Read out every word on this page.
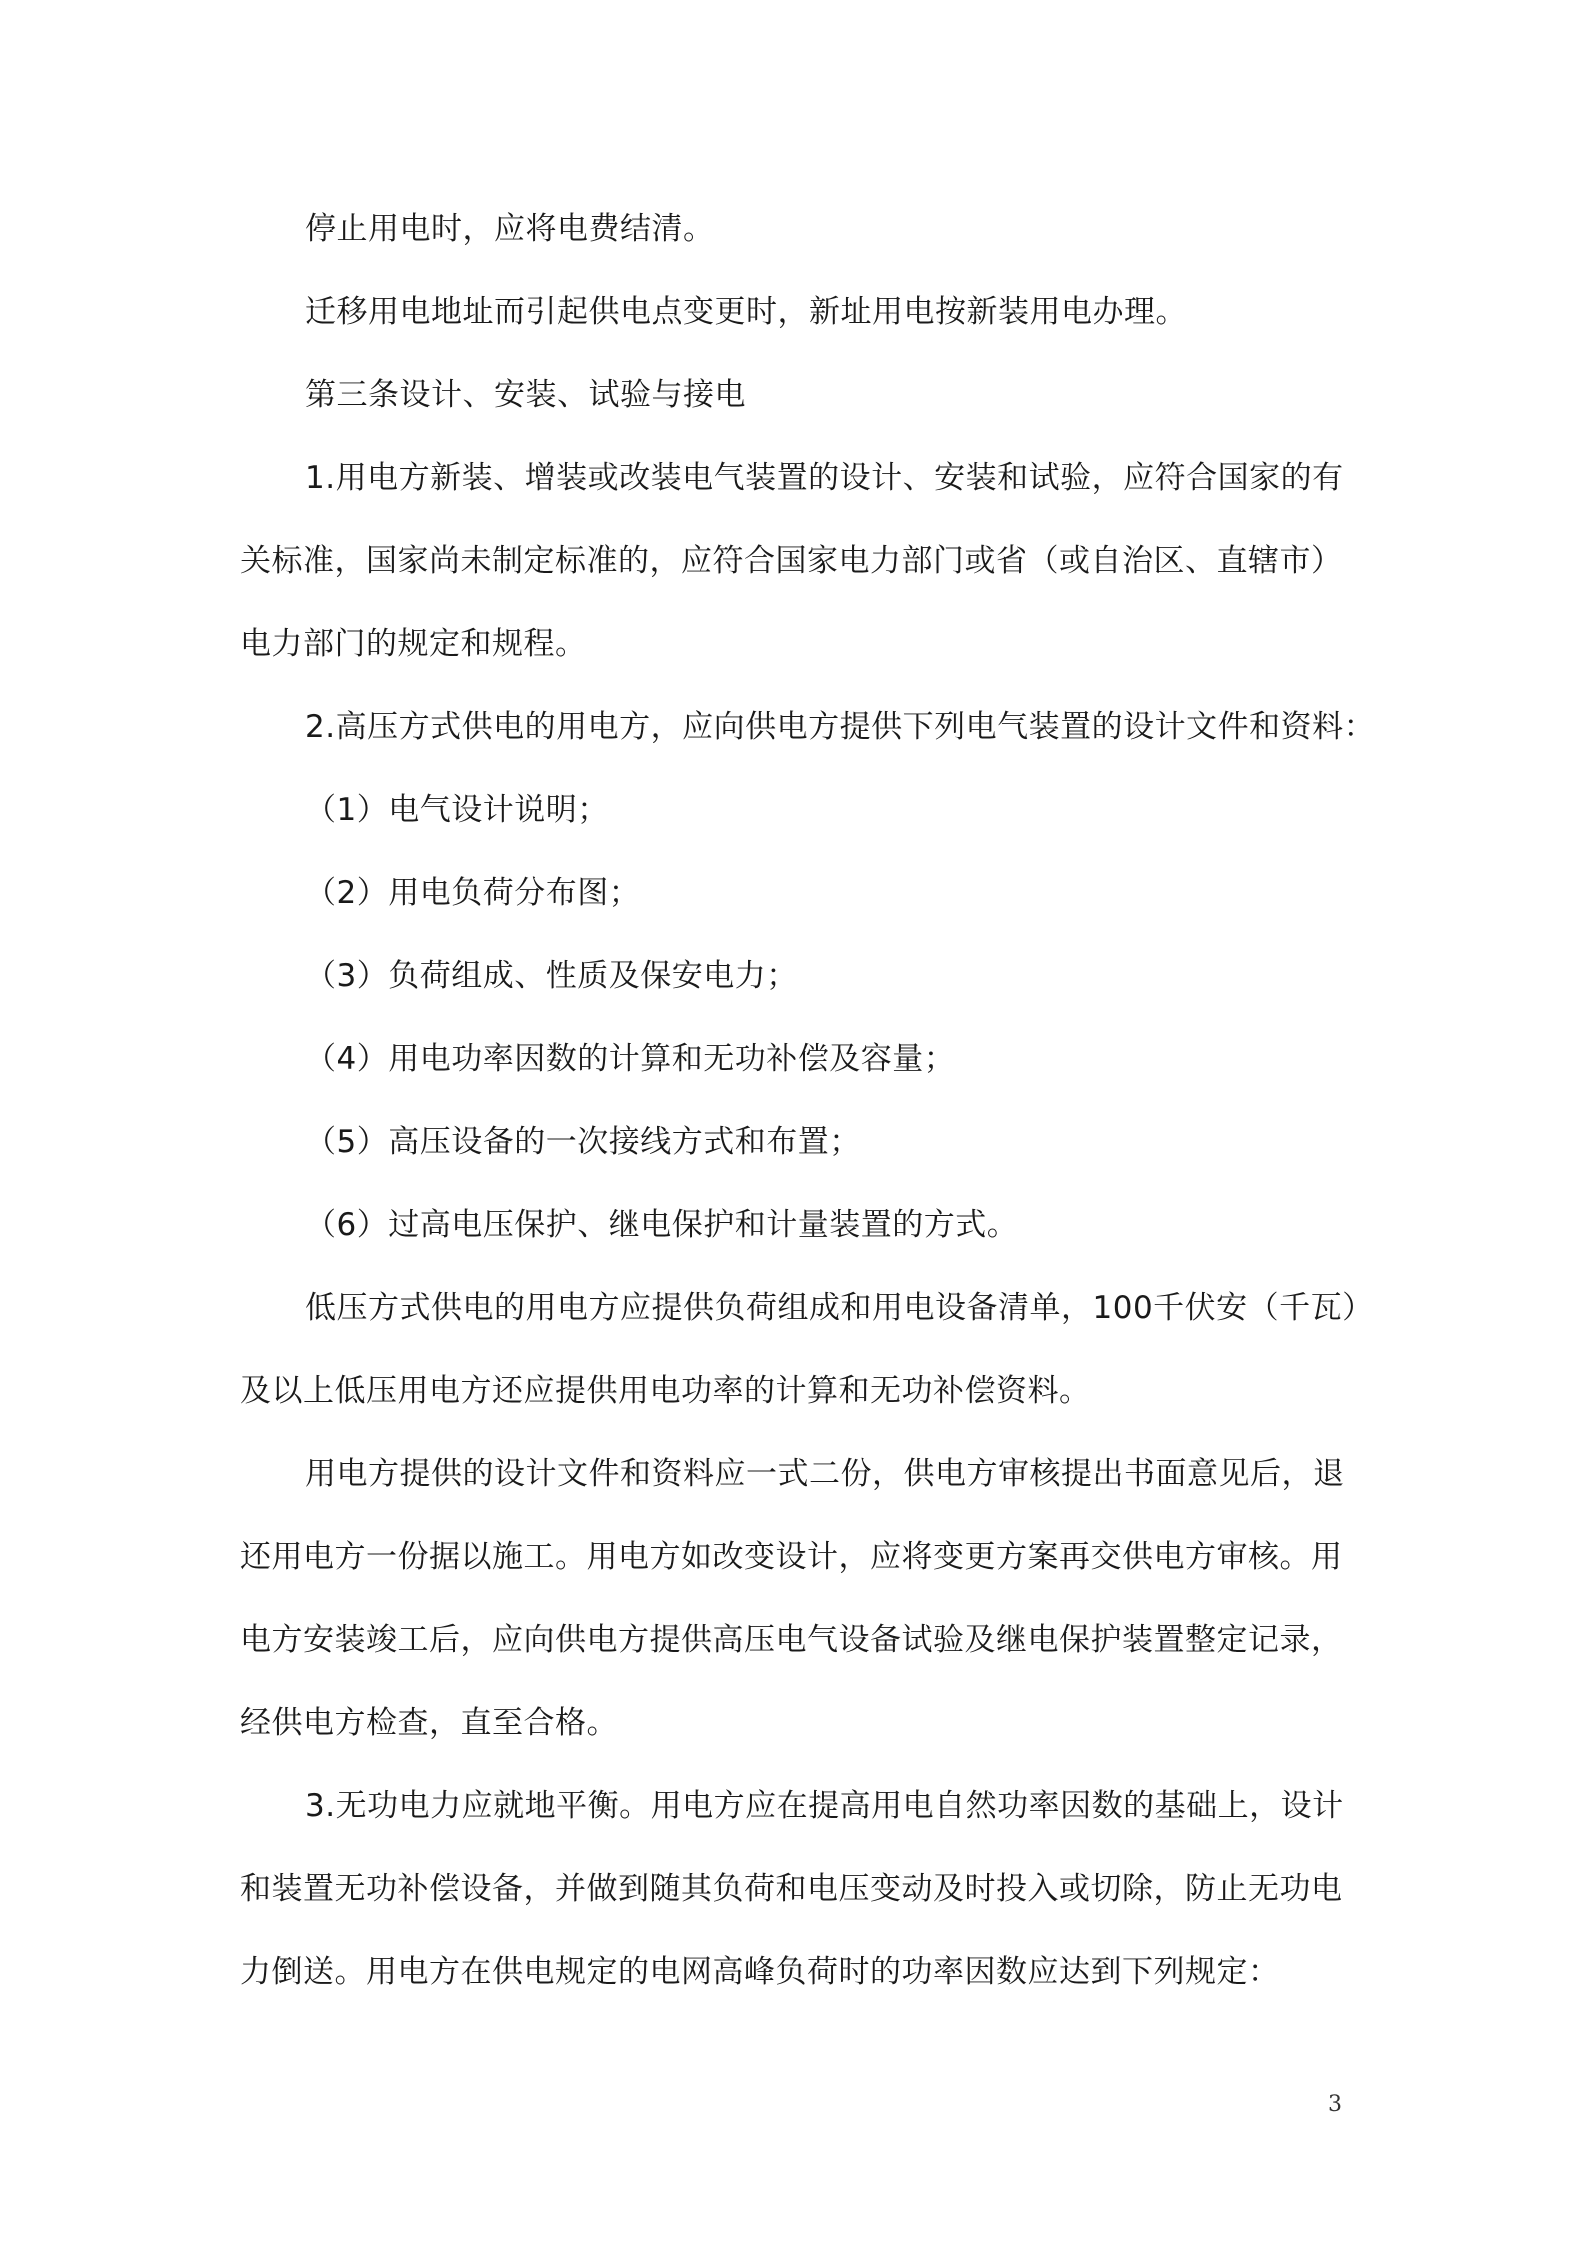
停止用电时，应将电费结清。
迁移用电地址而引起供电点变更时，新址用电按新装用电办理。
第三条设计、安装、试验与接电
1.用电方新装、增装或改装电气装置的设计、安装和试验，应符合国家的有
关标准，国家尚未制定标准的，应符合国家电力部门或省（或自治区、直辖市）
电力部门的规定和规程。
2.高压方式供电的用电方，应向供电方提供下列电气装置的设计文件和资料：
（1）电气设计说明；
（2）用电负荷分布图；
（3）负荷组成、性质及保安电力；
（4）用电功率因数的计算和无功补偿及容量；
（5）高压设备的一次接线方式和布置；
（6）过高电压保护、继电保护和计量装置的方式。
低压方式供电的用电方应提供负荷组成和用电设备清单，100千伏安（千瓦）
及以上低压用电方还应提供用电功率的计算和无功补偿资料。
用电方提供的设计文件和资料应一式二份，供电方审核提出书面意见后，退
还用电方一份据以施工。用电方如改变设计，应将变更方案再交供电方审核。用
电方安装竣工后，应向供电方提供高压电气设备试验及继电保护装置整定记录，
经供电方检查，直至合格。
3.无功电力应就地平衡。用电方应在提高用电自然功率因数的基础上，设计
和装置无功补偿设备，并做到随其负荷和电压变动及时投入或切除，防止无功电
力倒送。用电方在供电规定的电网高峰负荷时的功率因数应达到下列规定：
3
